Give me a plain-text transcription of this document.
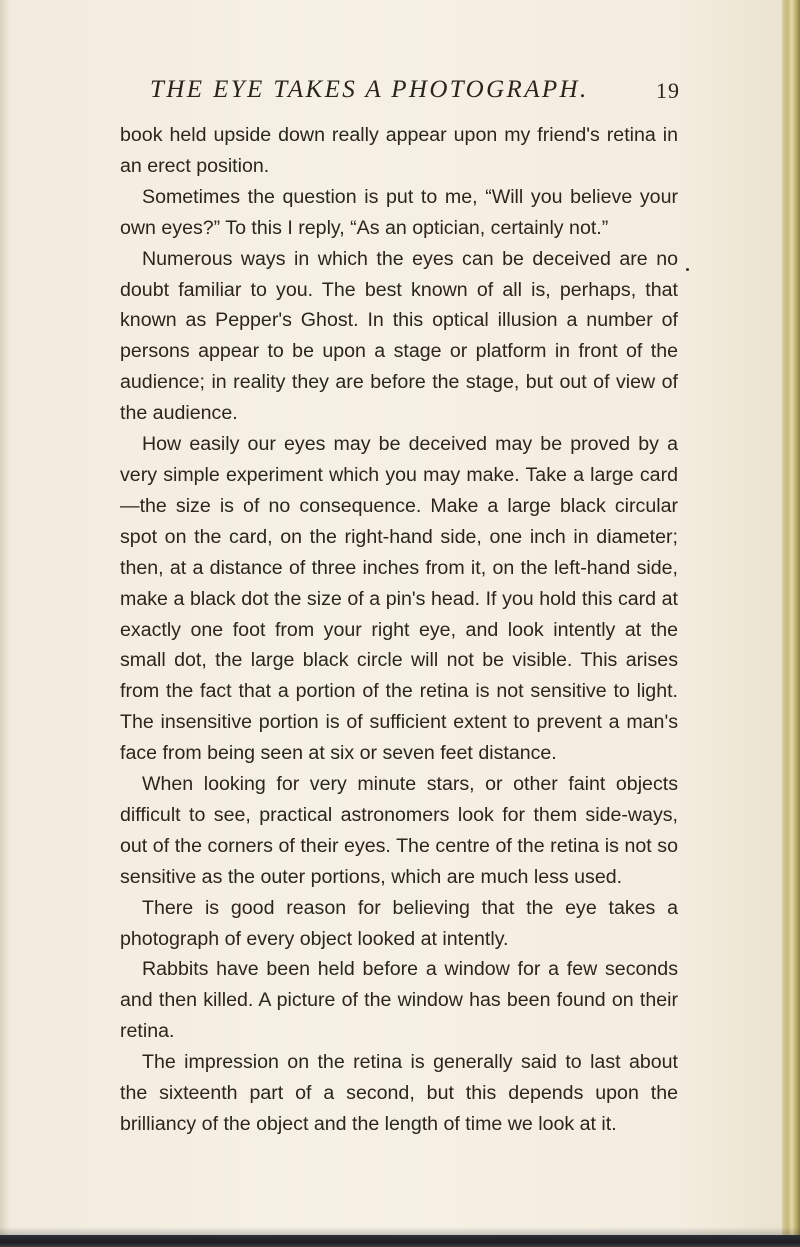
THE EYE TAKES A PHOTOGRAPH.	19

book held upside down really appear upon my friend's retina in an erect position.

Sometimes the question is put to me, “Will you believe your own eyes?” To this I reply, “As an optician, certainly not.”

Numerous ways in which the eyes can be deceived are no doubt familiar to you. The best known of all is, perhaps, that known as Pepper's Ghost. In this optical illusion a number of persons appear to be upon a stage or platform in front of the audience; in reality they are before the stage, but out of view of the audience.

How easily our eyes may be deceived may be proved by a very simple experiment which you may make. Take a large card—the size is of no consequence. Make a large black circular spot on the card, on the right-hand side, one inch in diameter; then, at a distance of three inches from it, on the left-hand side, make a black dot the size of a pin's head. If you hold this card at exactly one foot from your right eye, and look intently at the small dot, the large black circle will not be visible. This arises from the fact that a portion of the retina is not sensitive to light. The insensitive portion is of sufficient extent to prevent a man's face from being seen at six or seven feet distance.

When looking for very minute stars, or other faint objects difficult to see, practical astronomers look for them side-ways, out of the corners of their eyes. The centre of the retina is not so sensitive as the outer portions, which are much less used.

There is good reason for believing that the eye takes a photograph of every object looked at intently.

Rabbits have been held before a window for a few seconds and then killed. A picture of the window has been found on their retina.

The impression on the retina is generally said to last about the sixteenth part of a second, but this depends upon the brilliancy of the object and the length of time we look at it.
